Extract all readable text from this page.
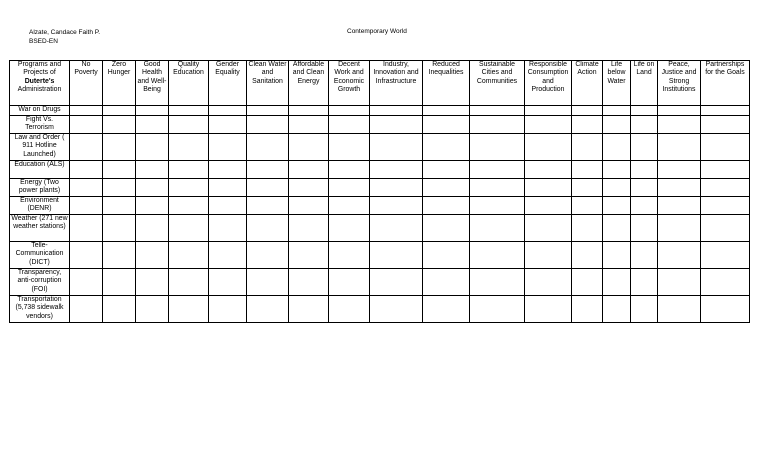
Alzate, Candace Faith P.
BSED-EN
Contemporary World
Programs and Projects of
Duterte's
Administration	No Poverty	Zero Hunger	Good Health and Well-Being	Quality Education	Gender Equality	Clean Water and Sanitation	Affordable and Clean Energy	Decent Work and Economic Growth	Industry, Innovation and Infrastructure	Reduced Inequalities	Sustainable Cities and Communities	Responsible Consumption and Production	Climate Action	Life below Water	Life on Land	Peace, Justice and Strong Institutions	Partnerships for the Goals
War on Drugs																	
Fight Vs. Terrorism																	
Law and Order ( 911 Hotline Launched)																	
Education (ALS)																	
Energy (Two power plants)																	
Environment (DENR)																	
Weather (271 new weather stations)																	
Telle-Communication (DICT)																	
Transparency, anti-corruption (FOI)																	
Transportation (5,738 sidewalk vendors)																	
